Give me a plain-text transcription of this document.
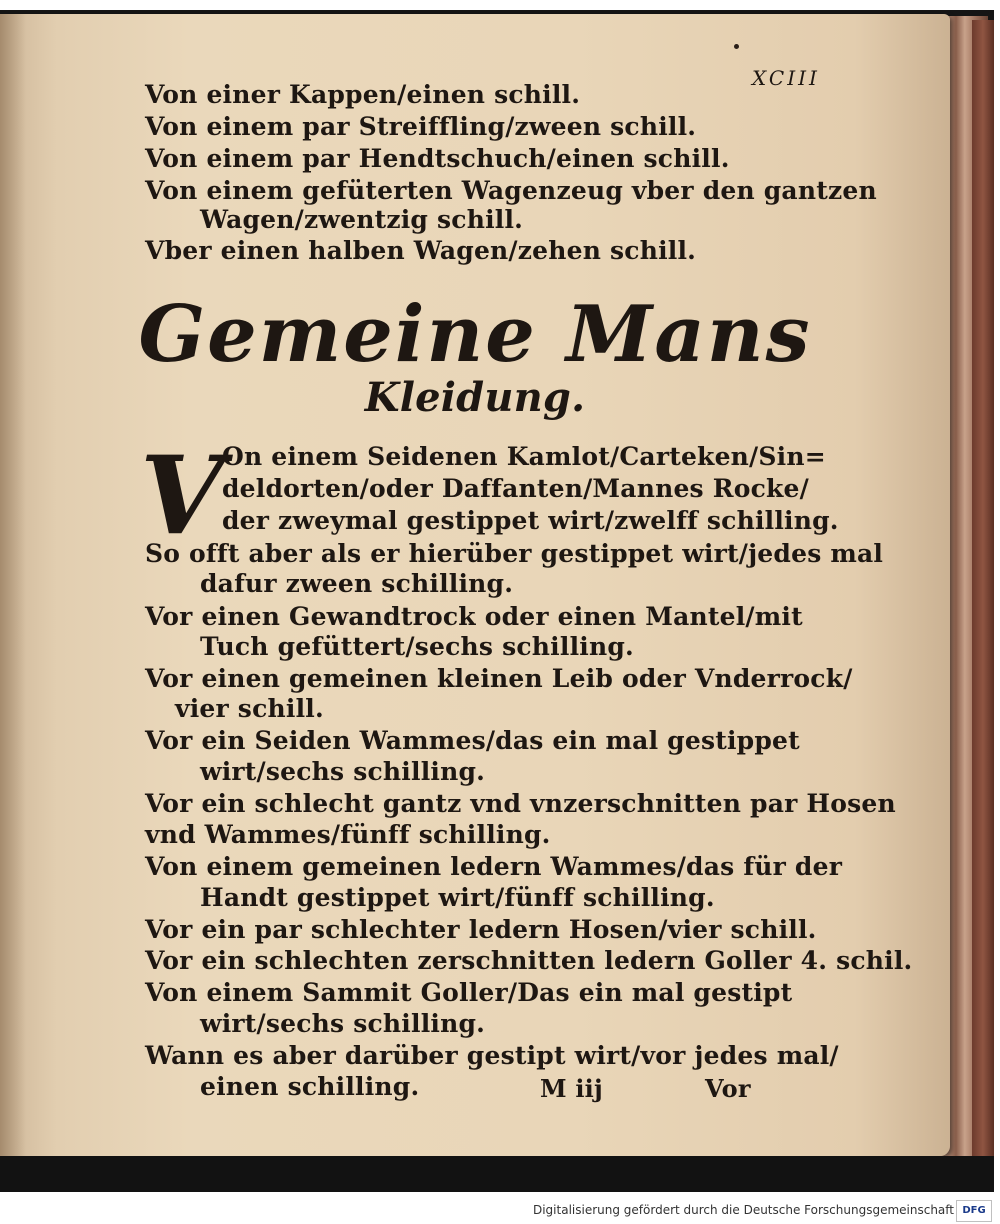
XCIII
Von einer Kappen/einen schill.
Von einem par Streiffling/zween schill.
Von einem par Hendtschuch/einen schill.
Von einem gefüterten Wagenzeug vber den gantzen
Wagen/zwentzig schill.
Vber einen halben Wagen/zehen schill.
Gemeine Mans
Kleidung.
V
On einem Seidenen Kamlot/Carteken/Sin=
deldorten/oder Daffanten/Mannes Rocke/
der zweymal gestippet wirt/zwelff schilling.
So offt aber als er hierüber gestippet wirt/jedes mal
dafur zween schilling.
Vor einen Gewandtrock oder einen Mantel/mit
Tuch gefüttert/sechs schilling.
Vor einen gemeinen kleinen Leib oder Vnderrock/
vier schill.
Vor ein Seiden Wammes/das ein mal gestippet
wirt/sechs schilling.
Vor ein schlecht gantz vnd vnzerschnitten par Hosen
vnd Wammes/fünff schilling.
Von einem gemeinen ledern Wammes/das für der
Handt gestippet wirt/fünff schilling.
Vor ein par schlechter ledern Hosen/vier schill.
Vor ein schlechten zerschnitten ledern Goller 4. schil.
Von einem Sammit Goller/Das ein mal gestipt
wirt/sechs schilling.
Wann es aber darüber gestipt wirt/vor jedes mal/
einen schilling.	M iij	Vor
Digitalisierung gefördert durch die Deutsche Forschungsgemeinschaft DFG
